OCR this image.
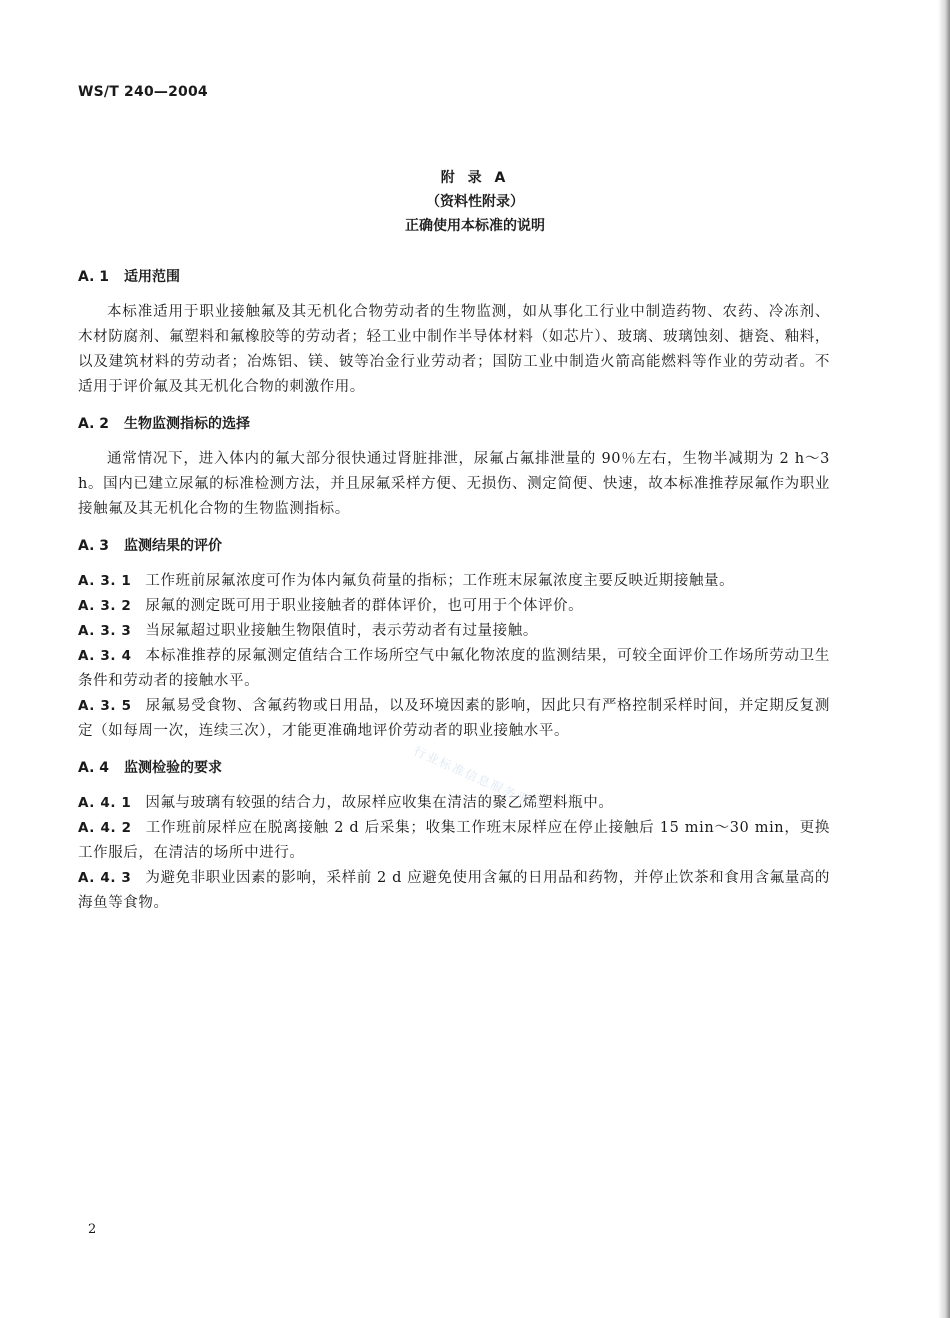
WS/T 240—2004
附 录 A
（资料性附录）
正确使用本标准的说明
A. 1 适用范围

本标准适用于职业接触氟及其无机化合物劳动者的生物监测，如从事化工行业中制造药物、农药、冷冻剂、木材防腐剂、氟塑料和氟橡胶等的劳动者；轻工业中制作半导体材料（如芯片）、玻璃、玻璃蚀刻、搪瓷、釉料，以及建筑材料的劳动者；冶炼铝、镁、铍等冶金行业劳动者；国防工业中制造火箭高能燃料等作业的劳动者。不适用于评价氟及其无机化合物的刺激作用。

A. 2 生物监测指标的选择

通常情况下，进入体内的氟大部分很快通过肾脏排泄，尿氟占氟排泄量的 90％左右，生物半减期为 2 h～3 h。国内已建立尿氟的标准检测方法，并且尿氟采样方便、无损伤、测定简便、快速，故本标准推荐尿氟作为职业接触氟及其无机化合物的生物监测指标。

A. 3 监测结果的评价

A. 3. 1 工作班前尿氟浓度可作为体内氟负荷量的指标；工作班末尿氟浓度主要反映近期接触量。

A. 3. 2 尿氟的测定既可用于职业接触者的群体评价，也可用于个体评价。

A. 3. 3 当尿氟超过职业接触生物限值时，表示劳动者有过量接触。

A. 3. 4 本标准推荐的尿氟测定值结合工作场所空气中氟化物浓度的监测结果，可较全面评价工作场所劳动卫生条件和劳动者的接触水平。

A. 3. 5 尿氟易受食物、含氟药物或日用品，以及环境因素的影响，因此只有严格控制采样时间，并定期反复测定（如每周一次，连续三次），才能更准确地评价劳动者的职业接触水平。

A. 4 监测检验的要求

A. 4. 1 因氟与玻璃有较强的结合力，故尿样应收集在清洁的聚乙烯塑料瓶中。

A. 4. 2 工作班前尿样应在脱离接触 2 d 后采集；收集工作班末尿样应在停止接触后 15 min～30 min，更换工作服后，在清洁的场所中进行。

A. 4. 3 为避免非职业因素的影响，采样前 2 d 应避免使用含氟的日用品和药物，并停止饮茶和食用含氟量高的海鱼等食物。

行业标准信息服务平台
2
